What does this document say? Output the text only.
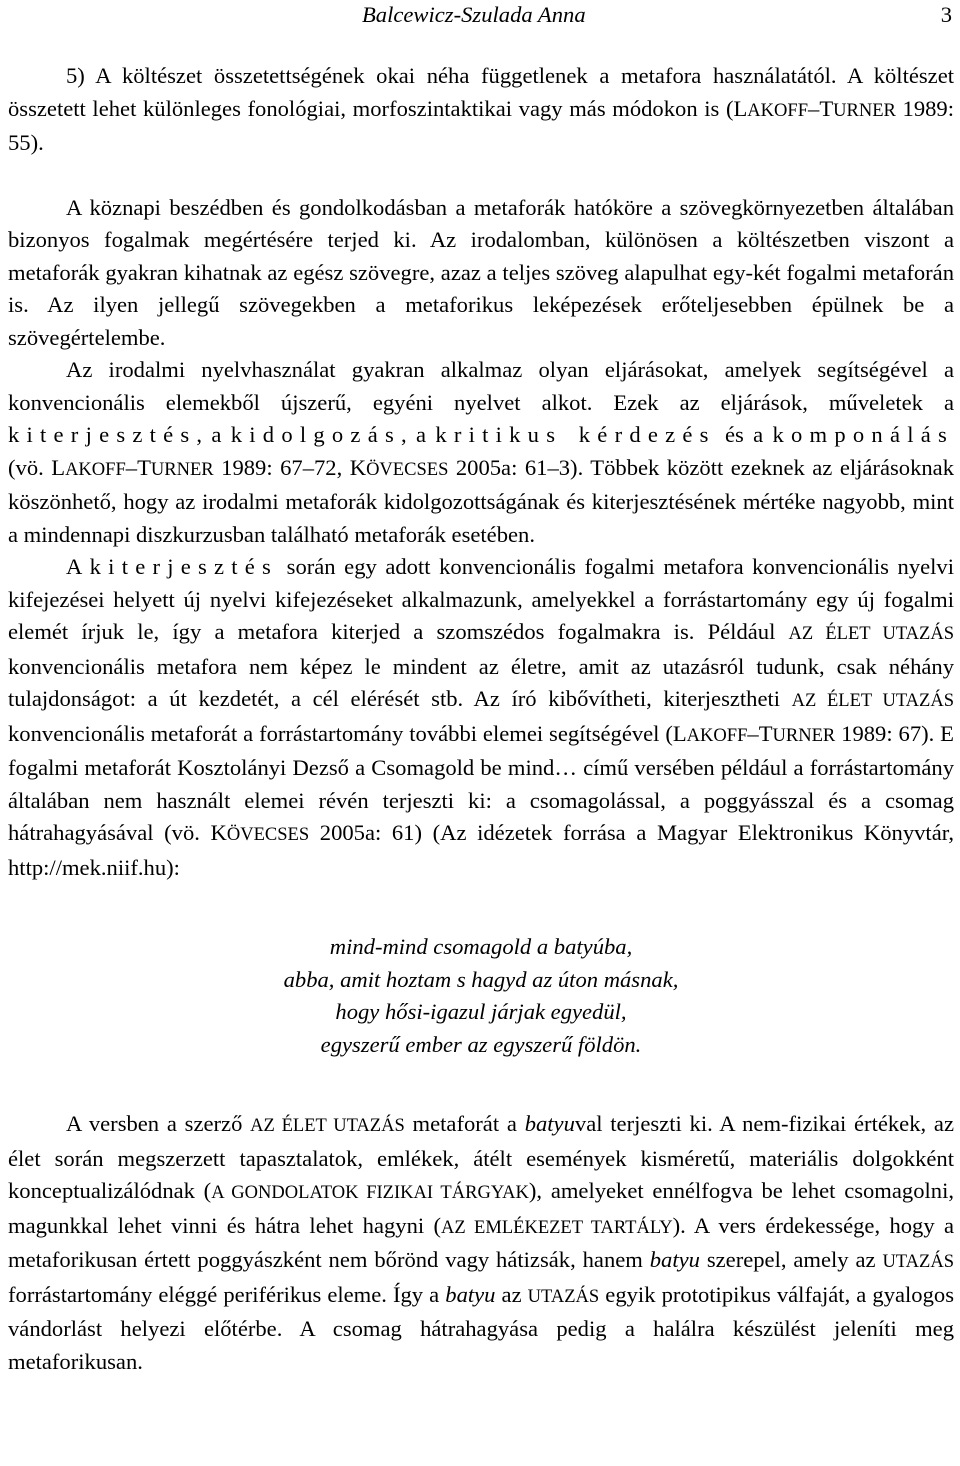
Balcewicz-Szulada Anna	3

5) A költészet összetettségének okai néha függetlenek a metafora használatától. A költészet összetett lehet különleges fonológiai, morfoszintaktikai vagy más módokon is (LAKOFF–TURNER 1989: 55).

A köznapi beszédben és gondolkodásban a metaforák hatóköre a szövegkörnyezetben általában bizonyos fogalmak megértésére terjed ki. Az irodalomban, különösen a költészetben viszont a metaforák gyakran kihatnak az egész szövegre, azaz a teljes szöveg alapulhat egy-két fogalmi metaforán is. Az ilyen jellegű szövegekben a metaforikus leképezések erőteljesebben épülnek be a szövegértelembe.

Az irodalmi nyelvhasználat gyakran alkalmaz olyan eljárásokat, amelyek segítségével a konvencionális elemekből újszerű, egyéni nyelvet alkot. Ezek az eljárások, műveletek a kiterjesztés, a kidolgozás, a kritikus kérdezés és a komponálás (vö. LAKOFF–TURNER 1989: 67–72, KÖVECSES 2005a: 61–3). Többek között ezeknek az eljárásoknak köszönhető, hogy az irodalmi metaforák kidolgozottságának és kiterjesztésének mértéke nagyobb, mint a mindennapi diszkurzusban található metaforák esetében.

A kiterjesztés során egy adott konvencionális fogalmi metafora konvencionális nyelvi kifejezései helyett új nyelvi kifejezéseket alkalmazunk, amelyekkel a forrástartomány egy új fogalmi elemét írjuk le, így a metafora kiterjed a szomszédos fogalmakra is. Például AZ ÉLET UTAZÁS konvencionális metafora nem képez le mindent az életre, amit az utazásról tudunk, csak néhány tulajdonságot: a út kezdetét, a cél elérését stb. Az író kibővítheti, kiterjesztheti AZ ÉLET UTAZÁS konvencionális metaforát a forrástartomány további elemei segítségével (LAKOFF–TURNER 1989: 67). E fogalmi metaforát Kosztolányi Dezső a Csomagold be mind… című versében például a forrástartomány általában nem használt elemei révén terjeszti ki: a csomagolással, a poggyásszal és a csomag hátrahagyásával (vö. KÖVECSES 2005a: 61) (Az idézetek forrása a Magyar Elektronikus Könyvtár, http://mek.niif.hu):

mind-mind csomagold a batyúba,
abba, amit hoztam s hagyd az úton másnak,
hogy hősi-igazul járjak egyedül,
egyszerű ember az egyszerű földön.

A versben a szerző AZ ÉLET UTAZÁS metaforát a batyuval terjeszti ki. A nem-fizikai értékek, az élet során megszerzett tapasztalatok, emlékek, átélt események kisméretű, materiális dolgokként konceptualizálódnak (A GONDOLATOK FIZIKAI TÁRGYAK), amelyeket ennélfogva be lehet csomagolni, magunkkal lehet vinni és hátra lehet hagyni (AZ EMLÉKEZET TARTÁLY). A vers érdekessége, hogy a metaforikusan értett poggyászként nem bőrönd vagy hátizsák, hanem batyu szerepel, amely az UTAZÁS forrástartomány eléggé periférikus eleme. Így a batyu az UTAZÁS egyik prototipikus válfaját, a gyalogos vándorlást helyezi előtérbe. A csomag hátrahagyása pedig a halálra készülést jeleníti meg metaforikusan.
